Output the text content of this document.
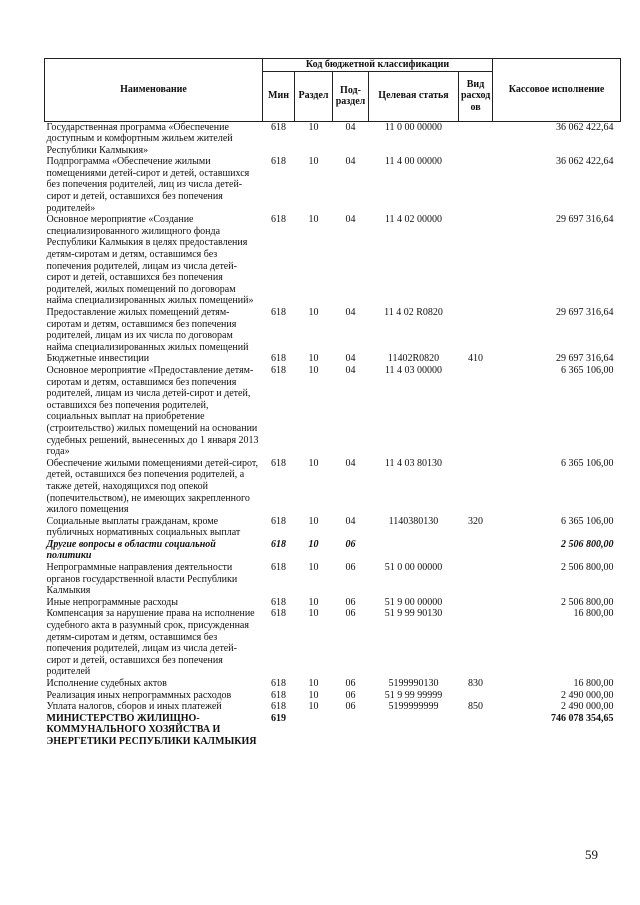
Наименование	Код бюджетной классификации					Кассовое исполнение
	Мин	Раздел	Под-раздел	Целевая статья	Вид расход ов	
Государственная программа «Обеспечение доступным и комфортным жильем жителей Республики Калмыкия»	618	10	04	11 0 00 00000		36 062 422,64
Подпрограмма «Обеспечение жилыми помещениями детей-сирот и детей, оставшихся без попечения родителей, лиц из числа детей-сирот и детей, оставшихся без попечения родителей»	618	10	04	11 4 00 00000		36 062 422,64
Основное мероприятие «Создание специализированного жилищного фонда Республики Калмыкия в целях предоставления детям-сиротам и детям, оставшимся без попечения родителей, лицам из числа детей-сирот и детей, оставшихся без попечения родителей, жилых помещений по договорам найма специализированных жилых помещений»	618	10	04	11 4 02 00000		29 697 316,64
Предоставление жилых помещений детям-сиротам и детям, оставшимся без попечения родителей, лицам из их числа по договорам найма специализированных жилых помещений	618	10	04	11 4 02 R0820		29 697 316,64
Бюджетные инвестиции	618	10	04	11402R0820	410	29 697 316,64
Основное мероприятие «Предоставление детям-сиротам и детям, оставшимся без попечения родителей, лицам из числа детей-сирот и детей, оставшихся без попечения родителей, социальных выплат на приобретение (строительство) жилых помещений на основании судебных решений, вынесенных до 1 января 2013 года»	618	10	04	11 4 03 00000		6 365 106,00
Обеспечение жилыми помещениями детей-сирот, детей, оставшихся без попечения родителей, а также детей, находящихся под опекой (попечительством), не имеющих закрепленного жилого помещения	618	10	04	11 4 03 80130		6 365 106,00
Социальные выплаты гражданам, кроме публичных нормативных социальных выплат	618	10	04	1140380130	320	6 365 106,00
Другие вопросы в области социальной политики	618	10	06			2 506 800,00
Непрограммные направления деятельности органов государственной власти Республики Калмыкия	618	10	06	51 0 00 00000		2 506 800,00
Иные непрограммные расходы	618	10	06	51 9 00 00000		2 506 800,00
Компенсация за нарушение права на исполнение судебного акта в разумный срок, присужденная детям-сиротам и детям, оставшимся без попечения родителей, лицам из числа детей-сирот и детей, оставшихся без попечения родителей	618	10	06	51 9 99 90130		16 800,00
Исполнение судебных актов	618	10	06	5199990130	830	16 800,00
Реализация иных непрограммных расходов	618	10	06	51 9 99 99999		2 490 000,00
Уплата налогов, сборов и иных платежей	618	10	06	5199999999	850	2 490 000,00
МИНИСТЕРСТВО ЖИЛИЩНО-КОММУНАЛЬНОГО ХОЗЯЙСТВА И ЭНЕРГЕТИКИ РЕСПУБЛИКИ КАЛМЫКИЯ	619					746 078 354,65
59
